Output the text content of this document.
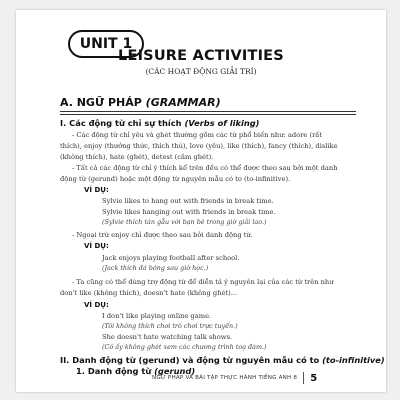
UNIT 1
LEISURE ACTIVITIES
(CÁC HOẠT ĐỘNG GIẢI TRÍ)
A. NGỮ PHÁP (GRAMMAR)
I. Các động từ chỉ sự thích (Verbs of liking)
- Các động từ chỉ yêu và ghét thường gồm các từ phổ biến như: adore (rất
thích), enjoy (thưởng thức, thích thú), love (yêu), like (thích), fancy (thích), dislike
(không thích), hate (ghét), detest (căm ghét).
- Tất cả các động từ chỉ ý thích kể trên đều có thể được theo sau bởi một danh
động từ (gerund) hoặc một động từ nguyên mẫu có to (to-infinitive).
VÍ DỤ:
Sylvie likes to hang out with friends in break time.
Sylvie likes hanging out with friends in break time.
(Sylvie thích tán gẫu với bạn bè trong giờ giải lao.)
- Ngoại trừ enjoy chỉ được theo sau bởi danh động từ.
VÍ DỤ:
Jack enjoys playing football after school.
(Jack thích đá bóng sau giờ học.)
- Ta cũng có thể dùng trợ động từ để diễn tả ý nguyên lại của các từ trên như
don't like (không thích), doesn't hate (không ghét)...
VÍ DỤ:
I don't like playing online game.
(Tôi không thích chơi trò chơi trực tuyến.)
She doesn't hate watching talk shows.
(Cô ấy không ghét xem các chương trình toạ đàm.)
II. Danh động từ (gerund) và động từ nguyên mẫu có to (to-infinitive)
1. Danh động từ (gerund)
NGỮ PHÁP VÀ BÀI TẬP THỰC HÀNH TIẾNG ANH 8 5
